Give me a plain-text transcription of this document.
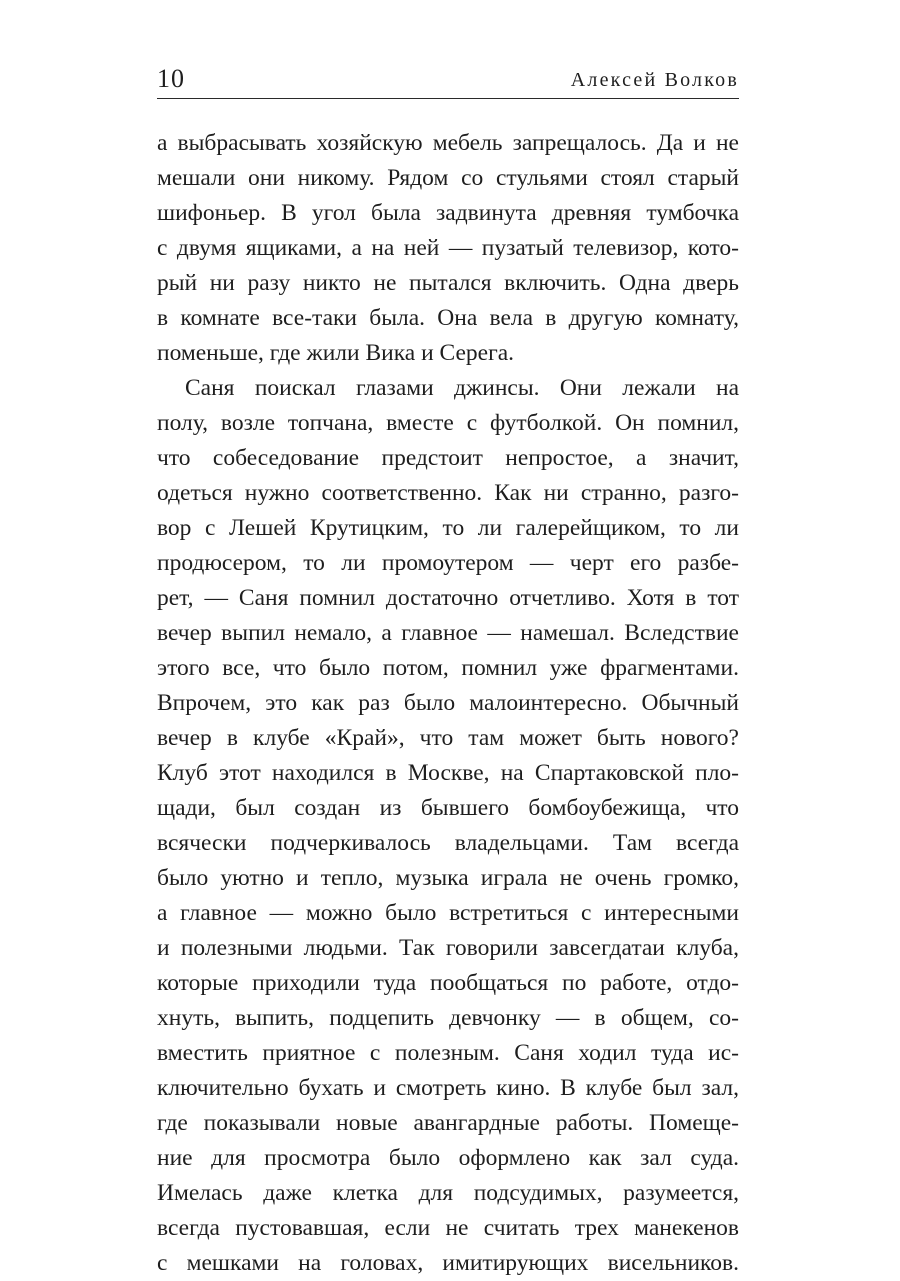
10	Алексей Волков
а выбрасывать хозяйскую мебель запрещалось. Да и не
мешали они никому. Рядом со стульями стоял старый
шифоньер. В угол была задвинута древняя тумбочка
с двумя ящиками, а на ней — пузатый телевизор, кото-
рый ни разу никто не пытался включить. Одна дверь
в комнате все-таки была. Она вела в другую комнату,
поменьше, где жили Вика и Серега.
Саня поискал глазами джинсы. Они лежали на
полу, возле топчана, вместе с футболкой. Он помнил,
что собеседование предстоит непростое, а значит,
одеться нужно соответственно. Как ни странно, разго-
вор с Лешей Крутицким, то ли галерейщиком, то ли
продюсером, то ли промоутером — черт его разбе-
рет, — Саня помнил достаточно отчетливо. Хотя в тот
вечер выпил немало, а главное — намешал. Вследствие
этого все, что было потом, помнил уже фрагментами.
Впрочем, это как раз было малоинтересно. Обычный
вечер в клубе «Край», что там может быть нового?
Клуб этот находился в Москве, на Спартаковской пло-
щади, был создан из бывшего бомбоубежища, что
всячески подчеркивалось владельцами. Там всегда
было уютно и тепло, музыка играла не очень громко,
а главное — можно было встретиться с интересными
и полезными людьми. Так говорили завсегдатаи клуба,
которые приходили туда пообщаться по работе, отдо-
хнуть, выпить, подцепить девчонку — в общем, со-
вместить приятное с полезным. Саня ходил туда ис-
ключительно бухать и смотреть кино. В клубе был зал,
где показывали новые авангардные работы. Помеще-
ние для просмотра было оформлено как зал суда.
Имелась даже клетка для подсудимых, разумеется,
всегда пустовавшая, если не считать трех манекенов
с мешками на головах, имитирующих висельников.
